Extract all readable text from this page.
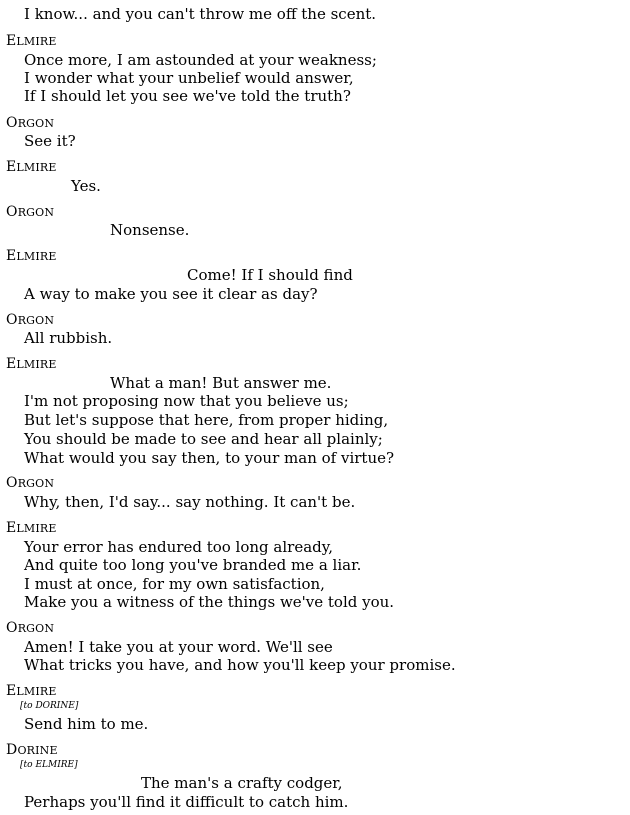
I know... and you can't throw me off the scent.
ELMIRE
Once more, I am astounded at your weakness;
I wonder what your unbelief would answer,
If I should let you see we've told the truth?
ORGON
See it?
ELMIRE
Yes.
ORGON
Nonsense.
ELMIRE
Come! If I should find
A way to make you see it clear as day?
ORGON
All rubbish.
ELMIRE
What a man! But answer me.
I'm not proposing now that you believe us;
But let's suppose that here, from proper hiding,
You should be made to see and hear all plainly;
What would you say then, to your man of virtue?
ORGON
Why, then, I'd say... say nothing. It can't be.
ELMIRE
Your error has endured too long already,
And quite too long you've branded me a liar.
I must at once, for my own satisfaction,
Make you a witness of the things we've told you.
ORGON
Amen! I take you at your word. We'll see
What tricks you have, and how you'll keep your promise.
ELMIRE
[to DORINE]
Send him to me.
DORINE
[to ELMIRE]
The man's a crafty codger,
Perhaps you'll find it difficult to catch him.
